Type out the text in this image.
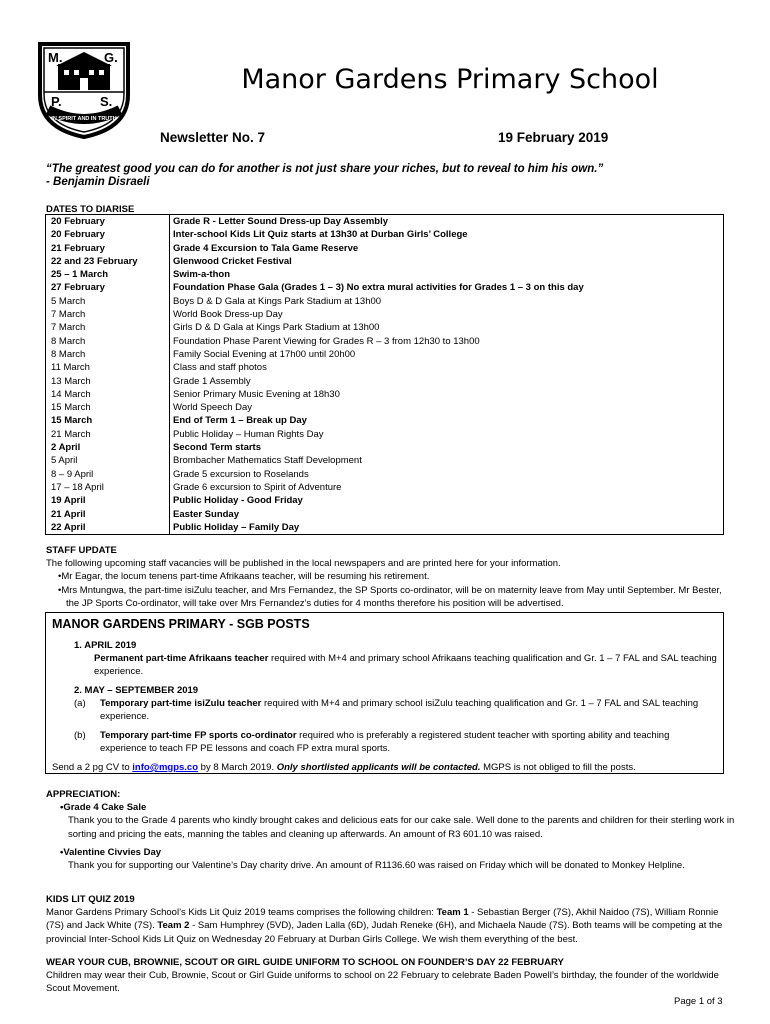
M.	G.
P.	S.
IN SPIRIT AND IN TRUTH
Manor Gardens Primary School
Newsletter No. 7	19 February 2019
“The greatest good you can do for another is not just share your riches, but to reveal to him his own.”
- Benjamin Disraeli
DATES TO DIARISE
20 February	Grade R - Letter Sound Dress-up Day Assembly
20 February	Inter-school Kids Lit Quiz starts at 13h30 at Durban Girls’ College
21 February	Grade 4 Excursion to Tala Game Reserve
22 and 23 February	Glenwood Cricket Festival
25 – 1 March	Swim-a-thon
27 February	Foundation Phase Gala (Grades 1 – 3) No extra mural activities for Grades 1 – 3 on this day
5 March	Boys D & D Gala at Kings Park Stadium at 13h00
7 March	World Book Dress-up Day
7 March	Girls D & D Gala at Kings Park Stadium at 13h00
8 March	Foundation Phase Parent Viewing for Grades R – 3 from 12h30 to 13h00
8 March	Family Social Evening at 17h00 until 20h00
11 March	Class and staff photos
13 March	Grade 1 Assembly
14 March	Senior Primary Music Evening at 18h30
15 March	World Speech Day
15 March	End of Term 1 – Break up Day
21 March	Public Holiday – Human Rights Day
2 April	Second Term starts
5 April	Brombacher Mathematics Staff Development
8 – 9 April	Grade 5 excursion to Roselands
17 – 18 April	Grade 6 excursion to Spirit of Adventure
19 April	Public Holiday - Good Friday
21 April	Easter Sunday
22 April	Public Holiday – Family Day
STAFF UPDATE
The following upcoming staff vacancies will be published in the local newspapers and are printed here for your information.
•Mr Eagar, the locum tenens part-time Afrikaans teacher, will be resuming his retirement.
•Mrs Mntungwa, the part-time isiZulu teacher, and Mrs Fernandez, the SP Sports co-ordinator, will be on maternity leave from May until September. Mr Bester, the JP Sports Co-ordinator, will take over Mrs Fernandez’s duties for 4 months therefore his position will be advertised.
MANOR GARDENS PRIMARY - SGB POSTS
1. APRIL 2019
Permanent part-time Afrikaans teacher required with M+4 and primary school Afrikaans teaching qualification and Gr. 1 – 7 FAL and SAL teaching experience.
2. MAY – SEPTEMBER 2019
(a)	Temporary part-time isiZulu teacher required with M+4 and primary school isiZulu teaching qualification and Gr. 1 – 7 FAL and SAL teaching experience.
(b)	Temporary part-time FP sports co-ordinator required who is preferably a registered student teacher with sporting ability and teaching experience to teach FP PE lessons and coach FP extra mural sports.
Send a 2 pg CV to info@mgps.co by 8 March 2019. Only shortlisted applicants will be contacted. MGPS is not obliged to fill the posts.
APPRECIATION:
•Grade 4 Cake Sale
Thank you to the Grade 4 parents who kindly brought cakes and delicious eats for our cake sale. Well done to the parents and children for their sterling work in sorting and pricing the eats, manning the tables and cleaning up afterwards. An amount of R3 601.10 was raised.
•Valentine Civvies Day
Thank you for supporting our Valentine’s Day charity drive. An amount of R1136.60 was raised on Friday which will be donated to Monkey Helpline.
KIDS LIT QUIZ 2019
Manor Gardens Primary School’s Kids Lit Quiz 2019 teams comprises the following children: Team 1 - Sebastian Berger (7S), Akhil Naidoo (7S), William Ronnie (7S) and Jack White (7S). Team 2 - Sam Humphrey (5VD), Jaden Lalla (6D), Judah Reneke (6H), and Michaela Naude (7S). Both teams will be competing at the provincial Inter-School Kids Lit Quiz on Wednesday 20 February at Durban Girls College. We wish them everything of the best.
WEAR YOUR CUB, BROWNIE, SCOUT OR GIRL GUIDE UNIFORM TO SCHOOL ON FOUNDER’S DAY 22 FEBRUARY
Children may wear their Cub, Brownie, Scout or Girl Guide uniforms to school on 22 February to celebrate Baden Powell’s birthday, the founder of the worldwide Scout Movement.
Page 1 of 3
